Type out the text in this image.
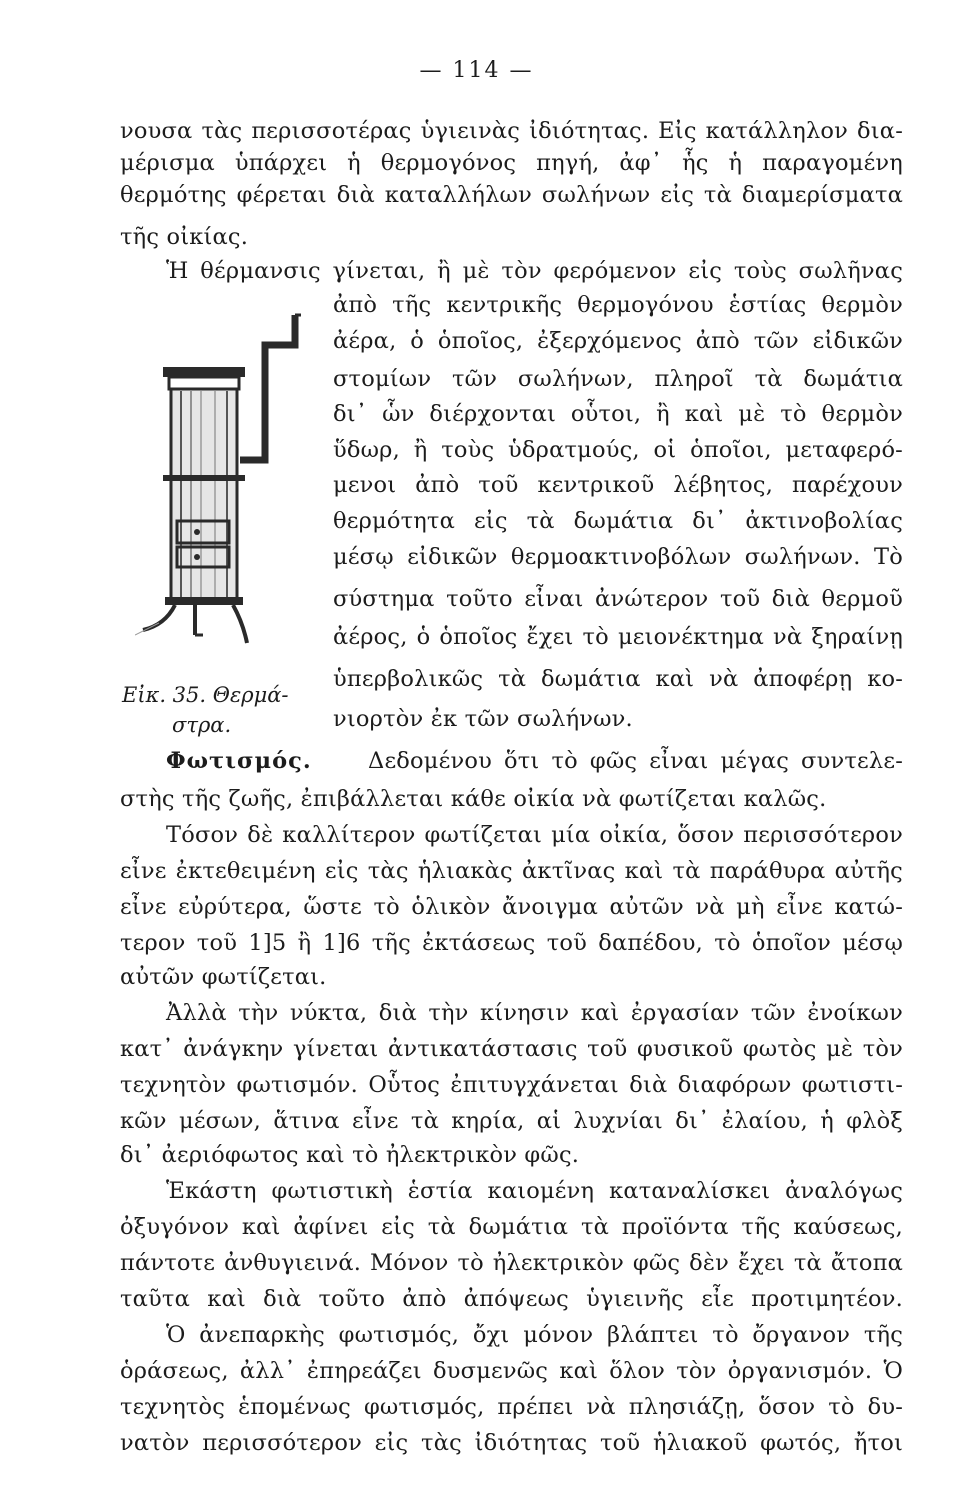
— 114 —
νουσα τὰς περισσοτέρας ὑγιεινὰς ἰδιότητας. Εἰς κατάλληλον δια-
μέρισμα ὑπάρχει ἡ θερμογόνος πηγή, ἀφ᾽ ἧς ἡ παραγομένη
θερμότης φέρεται διὰ καταλλήλων σωλήνων εἰς τὰ διαμερίσματα
τῆς οἰκίας.
Ἡ θέρμανσις γίνεται, ἢ μὲ τὸν φερόμενον εἰς τοὺς σωλῆνας
ἀπὸ τῆς κεντρικῆς θερμογόνου ἑστίας θερμὸν
ἀέρα, ὁ ὁποῖος, ἐξερχόμενος ἀπὸ τῶν εἰδικῶν
στομίων τῶν σωλήνων, πληροῖ τὰ δωμάτια
δι᾽ ὧν διέρχονται οὗτοι, ἢ καὶ μὲ τὸ θερμὸν
ὕδωρ, ἢ τοὺς ὑδρατμούς, οἱ ὁποῖοι, μεταφερό-
μενοι ἀπὸ τοῦ κεντρικοῦ λέβητος, παρέχουν
θερμότητα εἰς τὰ δωμάτια δι᾽ ἀκτινοβολίας
μέσῳ εἰδικῶν θερμοακτινοβόλων σωλήνων. Τὸ
σύστημα τοῦτο εἶναι ἀνώτερον τοῦ διὰ θερμοῦ
ἀέρος, ὁ ὁποῖος ἔχει τὸ μειονέκτημα νὰ ξηραίνῃ
ὑπερβολικῶς τὰ δωμάτια καὶ νὰ ἀποφέρῃ κο-
νιορτὸν ἐκ τῶν σωλήνων.
Εἰκ. 35. Θερμά-
στρα.
Φωτισμός.	Δεδομένου ὅτι τὸ φῶς εἶναι μέγας συντελε-
στὴς τῆς ζωῆς, ἐπιβάλλεται κάθε οἰκία νὰ φωτίζεται καλῶς.
Τόσον δὲ καλλίτερον φωτίζεται μία οἰκία, ὅσον περισσότερον
εἶνε ἐκτεθειμένη εἰς τὰς ἡλιακὰς ἀκτῖνας καὶ τὰ παράθυρα αὐτῆς
εἶνε εὐρύτερα, ὥστε τὸ ὁλικὸν ἄνοιγμα αὐτῶν νὰ μὴ εἶνε κατώ-
τερον τοῦ 1]5 ἢ 1]6 τῆς ἐκτάσεως τοῦ δαπέδου, τὸ ὁποῖον μέσῳ
αὐτῶν φωτίζεται.
Ἀλλὰ τὴν νύκτα, διὰ τὴν κίνησιν καὶ ἐργασίαν τῶν ἐνοίκων
κατ᾽ ἀνάγκην γίνεται ἀντικατάστασις τοῦ φυσικοῦ φωτὸς μὲ τὸν
τεχνητὸν φωτισμόν. Οὗτος ἐπιτυγχάνεται διὰ διαφόρων φωτιστι-
κῶν μέσων, ἅτινα εἶνε τὰ κηρία, αἱ λυχνίαι δι᾽ ἐλαίου, ἡ φλὸξ
δι᾽ ἀεριόφωτος καὶ τὸ ἠλεκτρικὸν φῶς.
Ἑκάστη φωτιστικὴ ἑστία καιομένη καταναλίσκει ἀναλόγως
ὀξυγόνον καὶ ἀφίνει εἰς τὰ δωμάτια τὰ προϊόντα τῆς καύσεως,
πάντοτε ἀνθυγιεινά. Μόνον τὸ ἠλεκτρικὸν φῶς δὲν ἔχει τὰ ἄτοπα
ταῦτα καὶ διὰ τοῦτο ἀπὸ ἀπόψεως ὑγιεινῆς εἶε προτιμητέον.
Ὁ ἀνεπαρκὴς φωτισμός, ὄχι μόνον βλάπτει τὸ ὄργανον τῆς
ὁράσεως, ἀλλ᾽ ἐπηρεάζει δυσμενῶς καὶ ὅλον τὸν ὀργανισμόν. Ὁ
τεχνητὸς ἑπομένως φωτισμός, πρέπει νὰ πλησιάζῃ, ὅσον τὸ δυ-
νατὸν περισσότερον εἰς τὰς ἰδιότητας τοῦ ἡλιακοῦ φωτός, ἤτοι
